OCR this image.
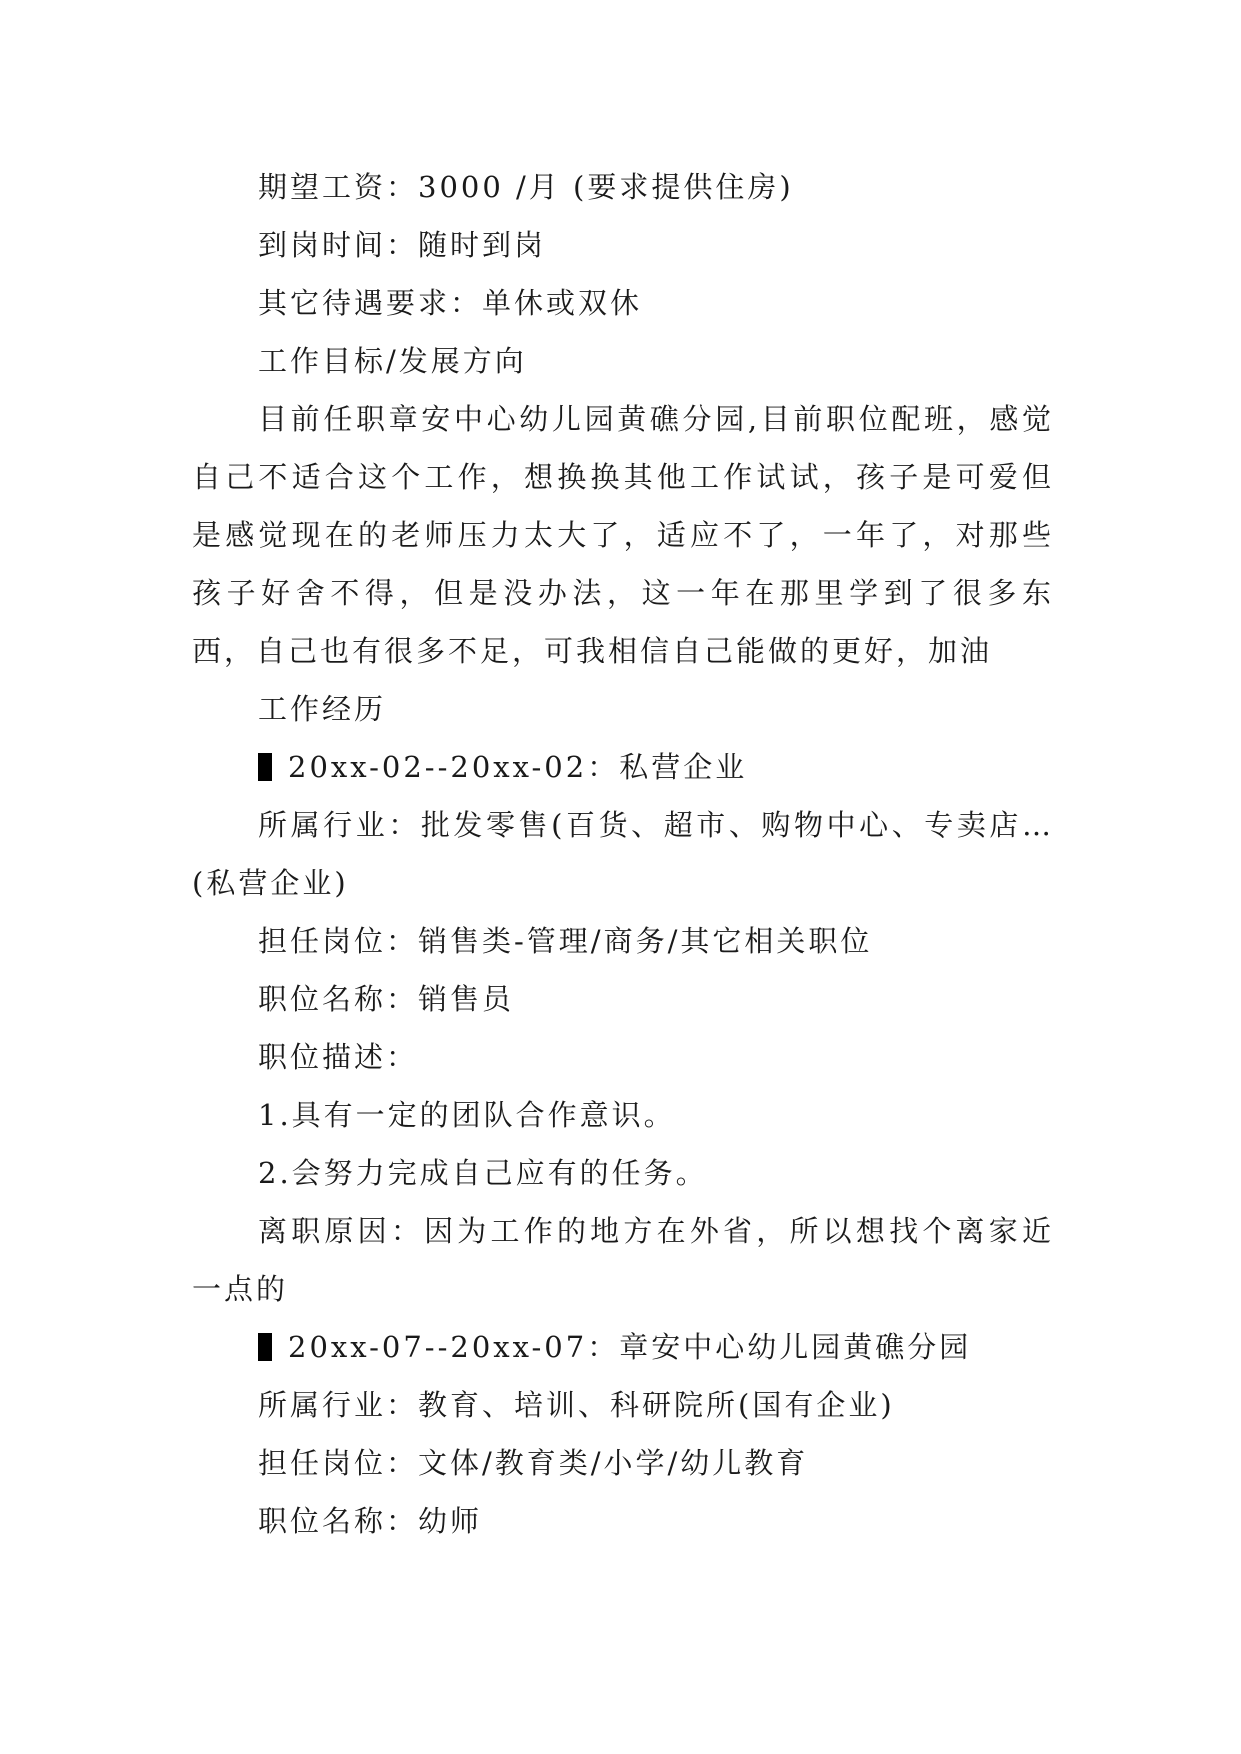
期望工资：3000 /月 (要求提供住房)

到岗时间：随时到岗

其它待遇要求：单休或双休

工作目标/发展方向

目前任职章安中心幼儿园黄礁分园,目前职位配班，感觉自己不适合这个工作，想换换其他工作试试，孩子是可爱但是感觉现在的老师压力太大了，适应不了，一年了，对那些孩子好舍不得，但是没办法，这一年在那里学到了很多东西，自己也有很多不足，可我相信自己能做的更好，加油

工作经历

20xx-02--20xx-02：私营企业

所属行业：批发零售(百货、超市、购物中心、专卖店…(私营企业)

担任岗位：销售类-管理/商务/其它相关职位

职位名称：销售员

职位描述：

1.具有一定的团队合作意识。

2.会努力完成自己应有的任务。

离职原因：因为工作的地方在外省，所以想找个离家近一点的

20xx-07--20xx-07：章安中心幼儿园黄礁分园

所属行业：教育、培训、科研院所(国有企业)

担任岗位：文体/教育类/小学/幼儿教育

职位名称：幼师
